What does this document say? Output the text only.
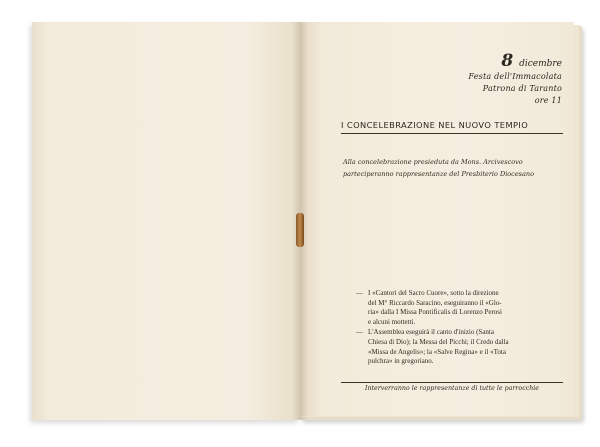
8 dicembre
Festa dell'Immacolata
Patrona di Taranto
ore 11
I CONCELEBRAZIONE NEL NUOVO TEMPIO
Alla concelebrazione presieduta da Mons. Arcivescovo
parteciperanno rappresentanze del Presbiterio Diocesano
— I «Cantori del Sacro Cuore», sotto la direzione
del M° Riccardo Saracino, eseguiranno il «Glo-
ria» dalla I Missa Pontificalis di Lorenzo Perosi
e alcuni mottetti.
— L'Assemblea eseguirà il canto d'inizio (Santa
Chiesa di Dio); la Messa del Picchi; il Credo dalla
«Missa de Angelis»; la «Salve Regina» e il «Tota
pulchra» in gregoriano.
Interverranno le rappresentanze di tutte le parrocchie
